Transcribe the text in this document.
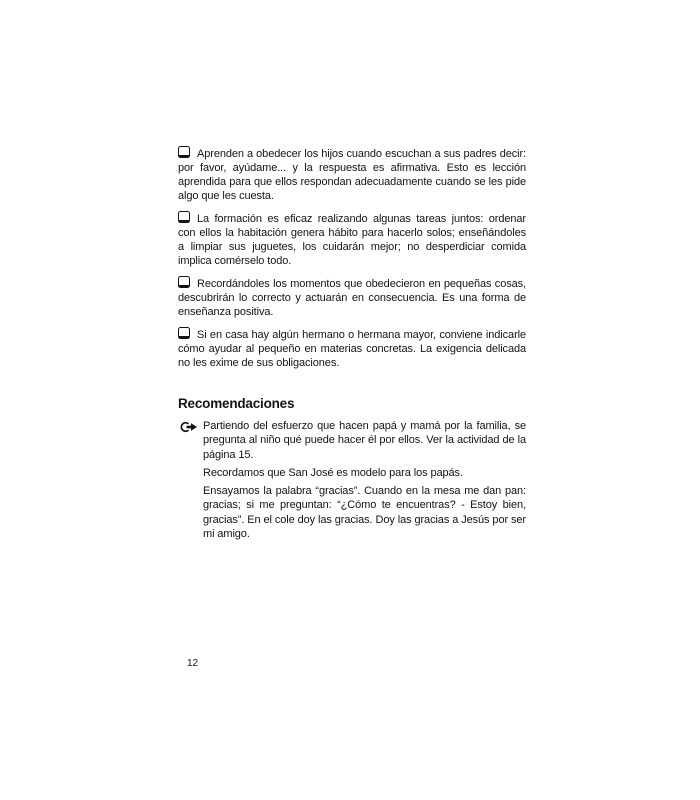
Aprenden a obedecer los hijos cuando escuchan a sus padres decir: por favor, ayúdame... y la respuesta es afirmativa. Esto es lección aprendida para que ellos respondan adecuadamente cuando se les pide algo que les cuesta.

La formación es eficaz realizando algunas tareas juntos: ordenar con ellos la habitación genera hábito para hacerlo solos; enseñándoles a limpiar sus juguetes, los cuidarán mejor; no desperdiciar comida implica comérselo todo.

Recordándoles los momentos que obedecieron en pequeñas cosas, descubrirán lo correcto y actuarán en consecuencia. Es una forma de enseñanza positiva.

Si en casa hay algún hermano o hermana mayor, conviene indicarle cómo ayudar al pequeño en materias concretas. La exigencia delicada no les exime de sus obligaciones.

Recomendaciones

Partiendo del esfuerzo que hacen papá y mamá por la familia, se pregunta al niño qué puede hacer él por ellos. Ver la actividad de la página 15.

Recordamos que San José es modelo para los papás.

Ensayamos la palabra “gracias”. Cuando en la mesa me dan pan: gracias; si me preguntan: “¿Cómo te encuentras? - Estoy bien, gracias”. En el cole doy las gracias. Doy las gracias a Jesús por ser mi amigo.

12
